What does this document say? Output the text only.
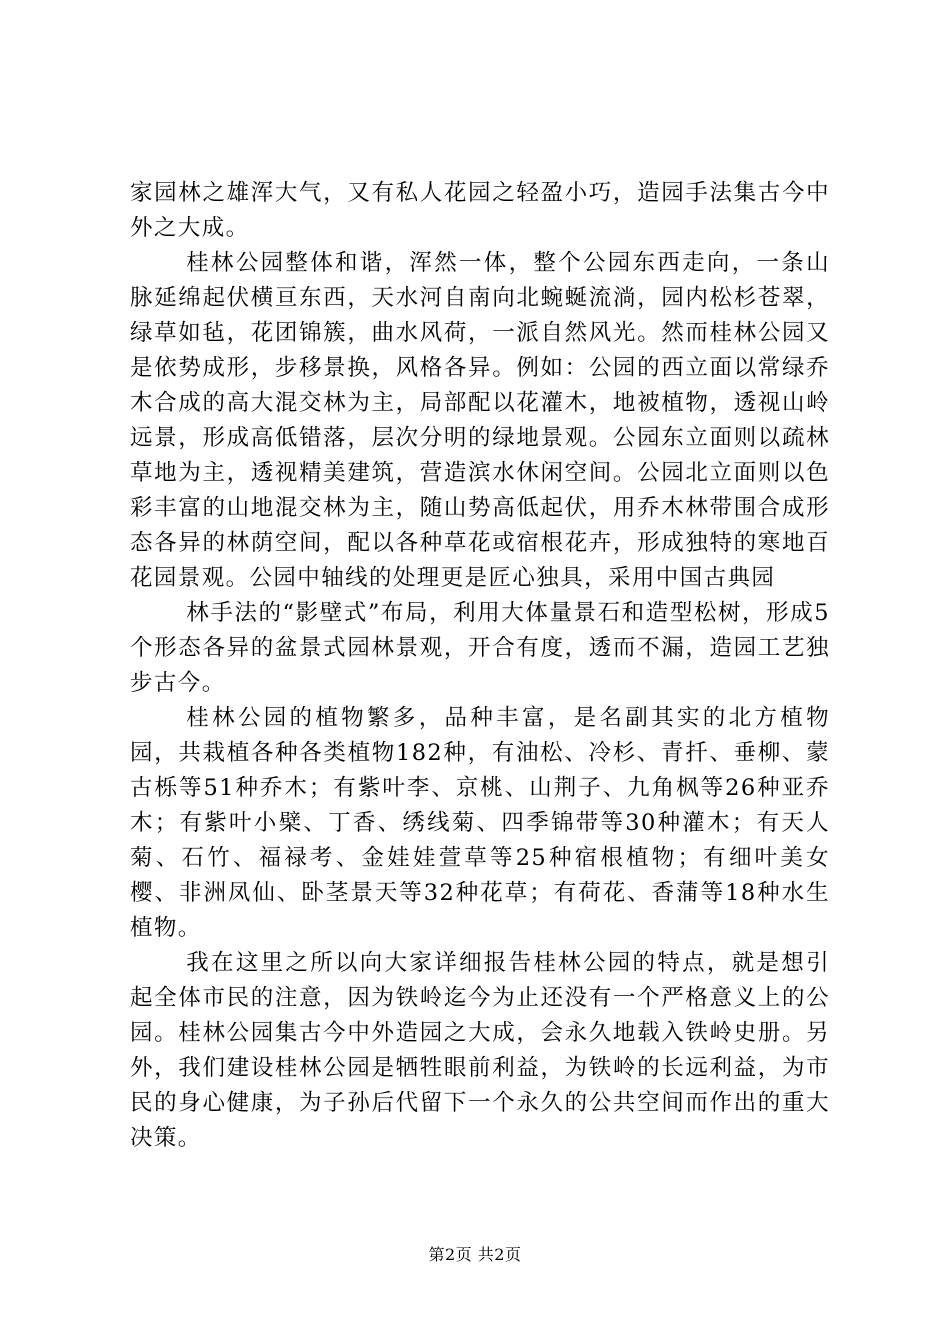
家园林之雄浑大气，又有私人花园之轻盈小巧，造园手法集古今中外之大成。

桂林公园整体和谐，浑然一体，整个公园东西走向，一条山脉延绵起伏横亘东西，天水河自南向北蜿蜒流淌，园内松杉苍翠，绿草如毡，花团锦簇，曲水风荷，一派自然风光。然而桂林公园又是依势成形，步移景换，风格各异。例如：公园的西立面以常绿乔木合成的高大混交林为主，局部配以花灌木，地被植物，透视山岭远景，形成高低错落，层次分明的绿地景观。公园东立面则以疏林草地为主，透视精美建筑，营造滨水休闲空间。公园北立面则以色彩丰富的山地混交林为主，随山势高低起伏，用乔木林带围合成形态各异的林荫空间，配以各种草花或宿根花卉，形成独特的寒地百花园景观。公园中轴线的处理更是匠心独具，采用中国古典园

林手法的“影壁式”布局，利用大体量景石和造型松树，形成5个形态各异的盆景式园林景观，开合有度，透而不漏，造园工艺独步古今。

桂林公园的植物繁多，品种丰富，是名副其实的北方植物园，共栽植各种各类植物182种，有油松、冷杉、青扦、垂柳、蒙古栎等51种乔木；有紫叶李、京桃、山荆子、九角枫等26种亚乔木；有紫叶小檗、丁香、绣线菊、四季锦带等30种灌木；有天人菊、石竹、福禄考、金娃娃萱草等25种宿根植物；有细叶美女樱、非洲凤仙、卧茎景天等32种花草；有荷花、香蒲等18种水生植物。

我在这里之所以向大家详细报告桂林公园的特点，就是想引起全体市民的注意，因为铁岭迄今为止还没有一个严格意义上的公园。桂林公园集古今中外造园之大成，会永久地载入铁岭史册。另外，我们建设桂林公园是牺牲眼前利益，为铁岭的长远利益，为市民的身心健康，为子孙后代留下一个永久的公共空间而作出的重大决策。

第2页 共2页
